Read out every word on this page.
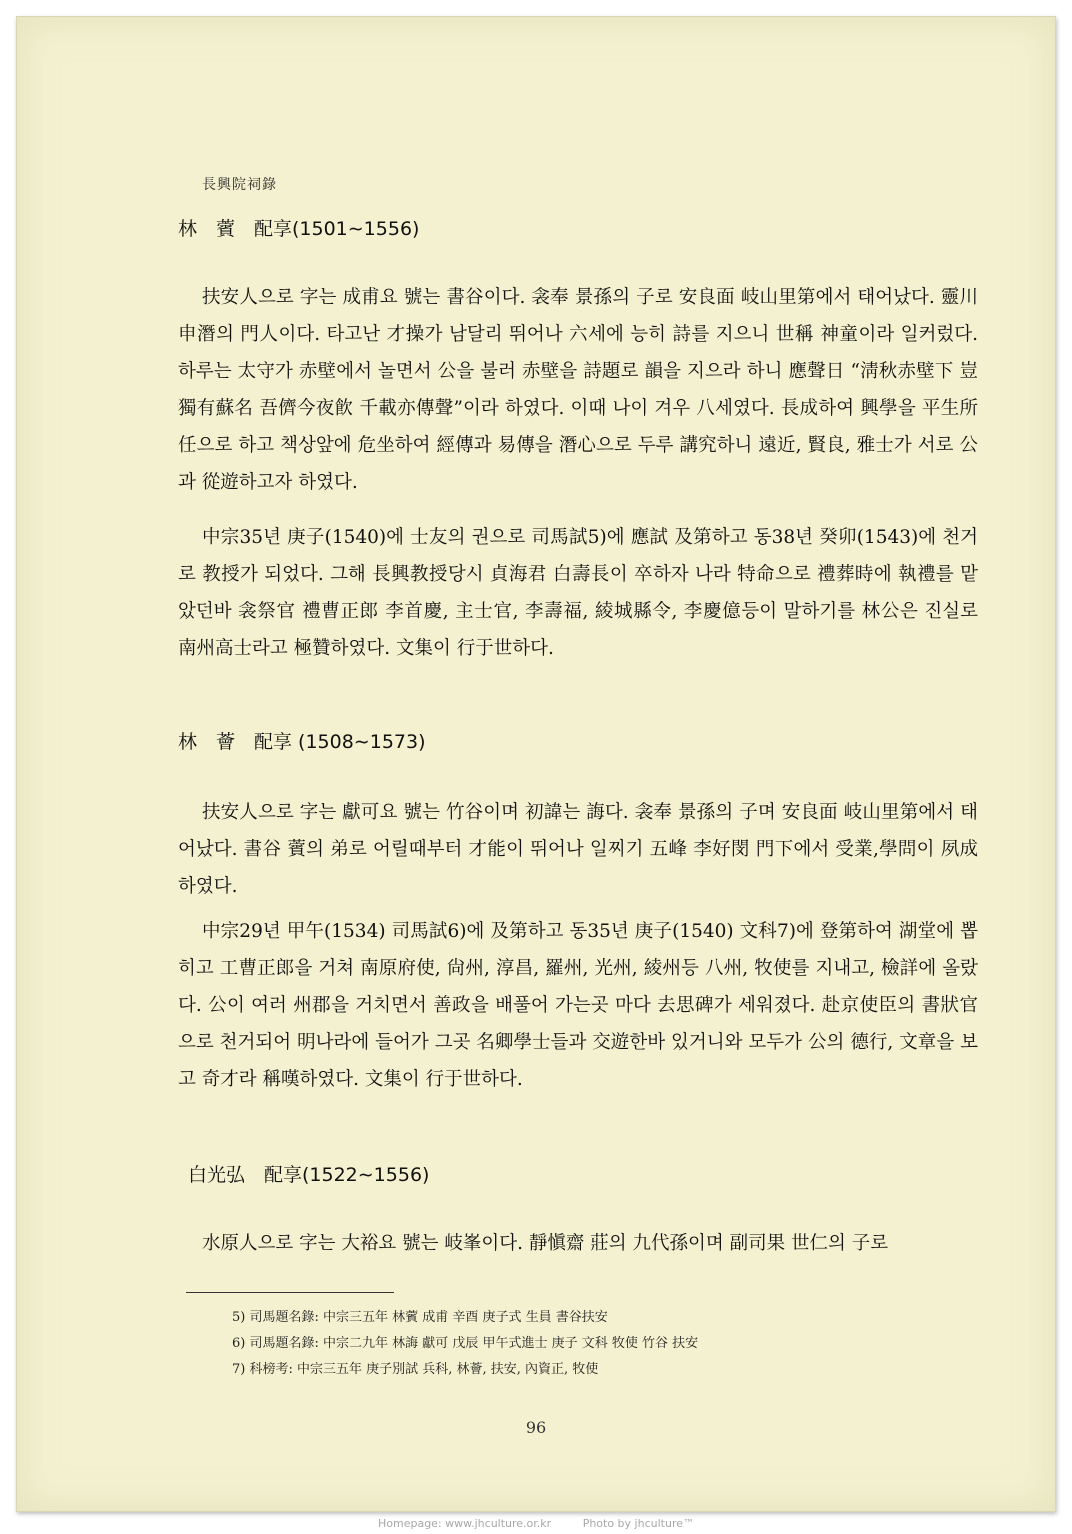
長興院祠錄
林　薲　配享(1501∼1556)
扶安人으로 字는 成甫요 號는 書谷이다. 衾奉 景孫의 子로 安良面 岐山里第에서 태어났다. 靈川 申潛의 門人이다. 타고난 才操가 남달리 뛰어나 六세에 능히 詩를 지으니 世稱 神童이라 일커렀다. 하루는 太守가 赤壁에서 놀면서 公을 불러 赤壁을 詩題로 韻을 지으라 하니 應聲日 “淸秋赤壁下 豈獨有蘇名 吾儕今夜飮 千載亦傳聲”이라 하였다. 이때 나이 겨우 八세였다. 長成하여 興學을 平生所任으로 하고 책상앞에 危坐하여 經傳과 易傳을 潛心으로 두루 講究하니 遠近, 賢良, 雅士가 서로 公과 從遊하고자 하였다.
中宗35년 庚子(1540)에 士友의 권으로 司馬試5)에 應試 及第하고 동38년 癸卯(1543)에 천거로 教授가 되었다. 그해 長興教授당시 貞海君 白壽長이 卒하자 나라 特命으로 禮葬時에 執禮를 맡았던바 衾祭官 禮曹正郎 李首慶, 主士官, 李壽福, 綾城縣令, 李慶億등이 말하기를 林公은 진실로 南州高士라고 極贊하였다. 文集이 行于世하다.
林　薈　配享 (1508∼1573)
扶安人으로 字는 獻可요 號는 竹谷이며 初諱는 誨다. 衾奉 景孫의 子며 安良面 岐山里第에서 태어났다. 書谷 薲의 弟로 어릴때부터 才能이 뛰어나 일찌기 五峰 李好閔 門下에서 受業,學問이 夙成하였다.
中宗29년 甲午(1534) 司馬試6)에 及第하고 동35년 庚子(1540) 文科7)에 登第하여 湖堂에 뽑히고 工曹正郎을 거쳐 南原府使, 尙州, 淳昌, 羅州, 光州, 綾州등 八州, 牧使를 지내고, 檢詳에 올랐다. 公이 여러 州郡을 거치면서 善政을 배풀어 가는곳 마다 去思碑가 세워졌다. 赴京使臣의 書狀官으로 천거되어 明나라에 들어가 그곳 名卿學士들과 交遊한바 있거니와 모두가 公의 德行, 文章을 보고 奇才라 稱嘆하였다. 文集이 行于世하다.
白光弘　配享(1522∼1556)
水原人으로 字는 大裕요 號는 岐峯이다. 靜愼齋 莊의 九代孫이며 副司果 世仁의 子로
5) 司馬題名錄: 中宗三五年 林薲 成甫 辛酉 庚子式 生員 書谷扶安
6) 司馬題名錄: 中宗二九年 林誨 獻可 戊辰 甲午式進士 庚子 文科 牧使 竹谷 扶安
7) 科榜考: 中宗三五年 庚子別試 兵科, 林薈, 扶安, 內資正, 牧使
96
Homepage: www.jhculture.or.kr	Photo by jhculture™
